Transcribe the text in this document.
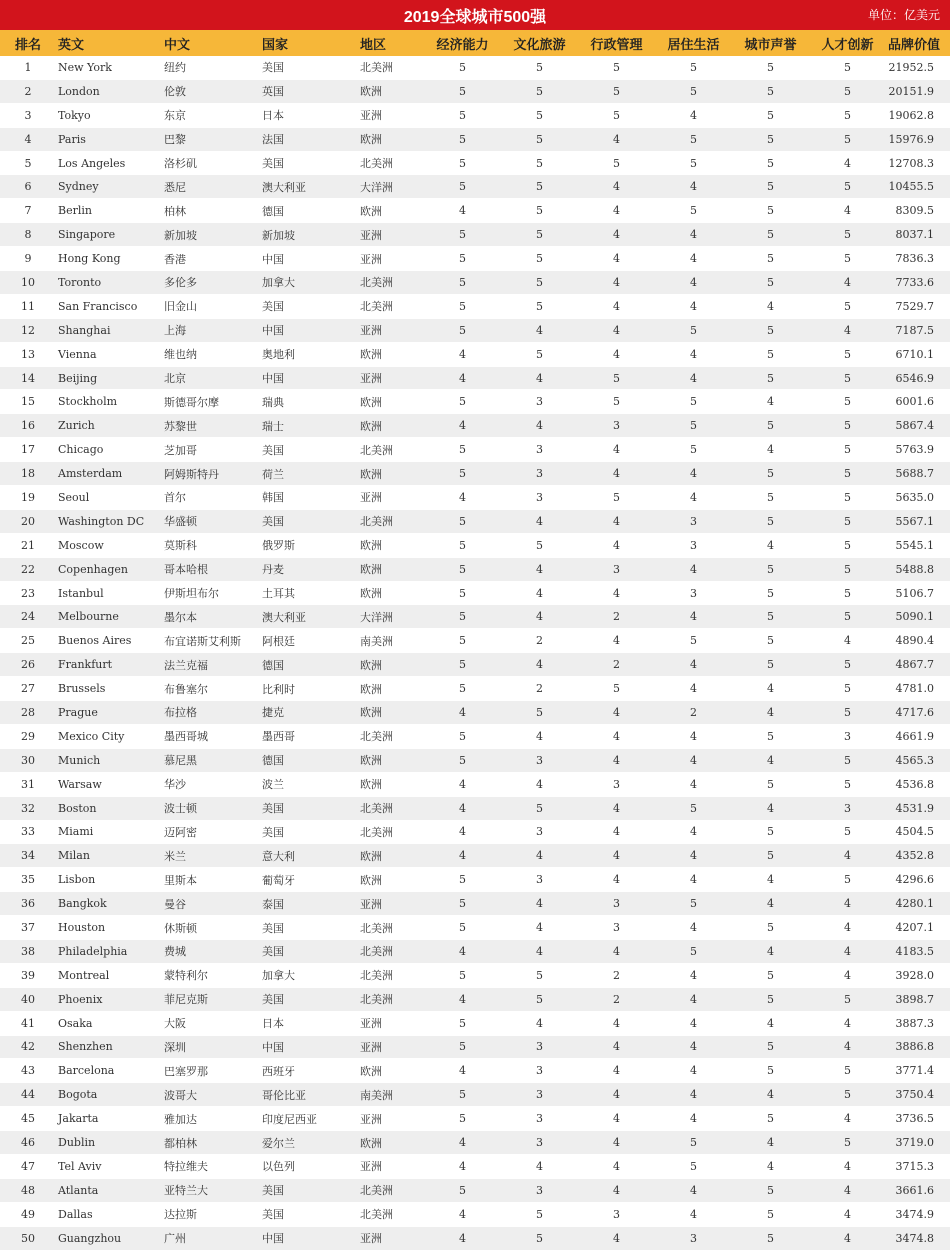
2019全球城市500强	单位：亿美元
排名	英文	中文	国家	地区	经济能力	文化旅游	行政管理	居住生活	城市声誉	人才创新	品牌价值
1	New York	纽约	美国	北美洲	5	5	5	5	5	5	21952.5
2	London	伦敦	英国	欧洲	5	5	5	5	5	5	20151.9
3	Tokyo	东京	日本	亚洲	5	5	5	4	5	5	19062.8
4	Paris	巴黎	法国	欧洲	5	5	4	5	5	5	15976.9
5	Los Angeles	洛杉矶	美国	北美洲	5	5	5	5	5	4	12708.3
6	Sydney	悉尼	澳大利亚	大洋洲	5	5	4	4	5	5	10455.5
7	Berlin	柏林	德国	欧洲	4	5	4	5	5	4	8309.5
8	Singapore	新加坡	新加坡	亚洲	5	5	4	4	5	5	8037.1
9	Hong Kong	香港	中国	亚洲	5	5	4	4	5	5	7836.3
10	Toronto	多伦多	加拿大	北美洲	5	5	4	4	5	4	7733.6
11	San Francisco	旧金山	美国	北美洲	5	5	4	4	4	5	7529.7
12	Shanghai	上海	中国	亚洲	5	4	4	5	5	4	7187.5
13	Vienna	维也纳	奥地利	欧洲	4	5	4	4	5	5	6710.1
14	Beijing	北京	中国	亚洲	4	4	5	4	5	5	6546.9
15	Stockholm	斯德哥尔摩	瑞典	欧洲	5	3	5	5	4	5	6001.6
16	Zurich	苏黎世	瑞士	欧洲	4	4	3	5	5	5	5867.4
17	Chicago	芝加哥	美国	北美洲	5	3	4	5	4	5	5763.9
18	Amsterdam	阿姆斯特丹	荷兰	欧洲	5	3	4	4	5	5	5688.7
19	Seoul	首尔	韩国	亚洲	4	3	5	4	5	5	5635.0
20	Washington DC	华盛顿	美国	北美洲	5	4	4	3	5	5	5567.1
21	Moscow	莫斯科	俄罗斯	欧洲	5	5	4	3	4	5	5545.1
22	Copenhagen	哥本哈根	丹麦	欧洲	5	4	3	4	5	5	5488.8
23	Istanbul	伊斯坦布尔	土耳其	欧洲	5	4	4	3	5	5	5106.7
24	Melbourne	墨尔本	澳大利亚	大洋洲	5	4	2	4	5	5	5090.1
25	Buenos Aires	布宜诺斯艾利斯	阿根廷	南美洲	5	2	4	5	5	4	4890.4
26	Frankfurt	法兰克福	德国	欧洲	5	4	2	4	5	5	4867.7
27	Brussels	布鲁塞尔	比利时	欧洲	5	2	5	4	4	5	4781.0
28	Prague	布拉格	捷克	欧洲	4	5	4	2	4	5	4717.6
29	Mexico City	墨西哥城	墨西哥	北美洲	5	4	4	4	5	3	4661.9
30	Munich	慕尼黑	德国	欧洲	5	3	4	4	4	5	4565.3
31	Warsaw	华沙	波兰	欧洲	4	4	3	4	5	5	4536.8
32	Boston	波士顿	美国	北美洲	4	5	4	5	4	3	4531.9
33	Miami	迈阿密	美国	北美洲	4	3	4	4	5	5	4504.5
34	Milan	米兰	意大利	欧洲	4	4	4	4	5	4	4352.8
35	Lisbon	里斯本	葡萄牙	欧洲	5	3	4	4	4	5	4296.6
36	Bangkok	曼谷	泰国	亚洲	5	4	3	5	4	4	4280.1
37	Houston	休斯顿	美国	北美洲	5	4	3	4	5	4	4207.1
38	Philadelphia	费城	美国	北美洲	4	4	4	5	4	4	4183.5
39	Montreal	蒙特利尔	加拿大	北美洲	5	5	2	4	5	4	3928.0
40	Phoenix	菲尼克斯	美国	北美洲	4	5	2	4	5	5	3898.7
41	Osaka	大阪	日本	亚洲	5	4	4	4	4	4	3887.3
42	Shenzhen	深圳	中国	亚洲	5	3	4	4	5	4	3886.8
43	Barcelona	巴塞罗那	西班牙	欧洲	4	3	4	4	5	5	3771.4
44	Bogota	波哥大	哥伦比亚	南美洲	5	3	4	4	4	5	3750.4
45	Jakarta	雅加达	印度尼西亚	亚洲	5	3	4	4	5	4	3736.5
46	Dublin	都柏林	爱尔兰	欧洲	4	3	4	5	4	5	3719.0
47	Tel Aviv	特拉维夫	以色列	亚洲	4	4	4	5	4	4	3715.3
48	Atlanta	亚特兰大	美国	北美洲	5	3	4	4	5	4	3661.6
49	Dallas	达拉斯	美国	北美洲	4	5	3	4	5	4	3474.9
50	Guangzhou	广州	中国	亚洲	4	5	4	3	5	4	3474.8
